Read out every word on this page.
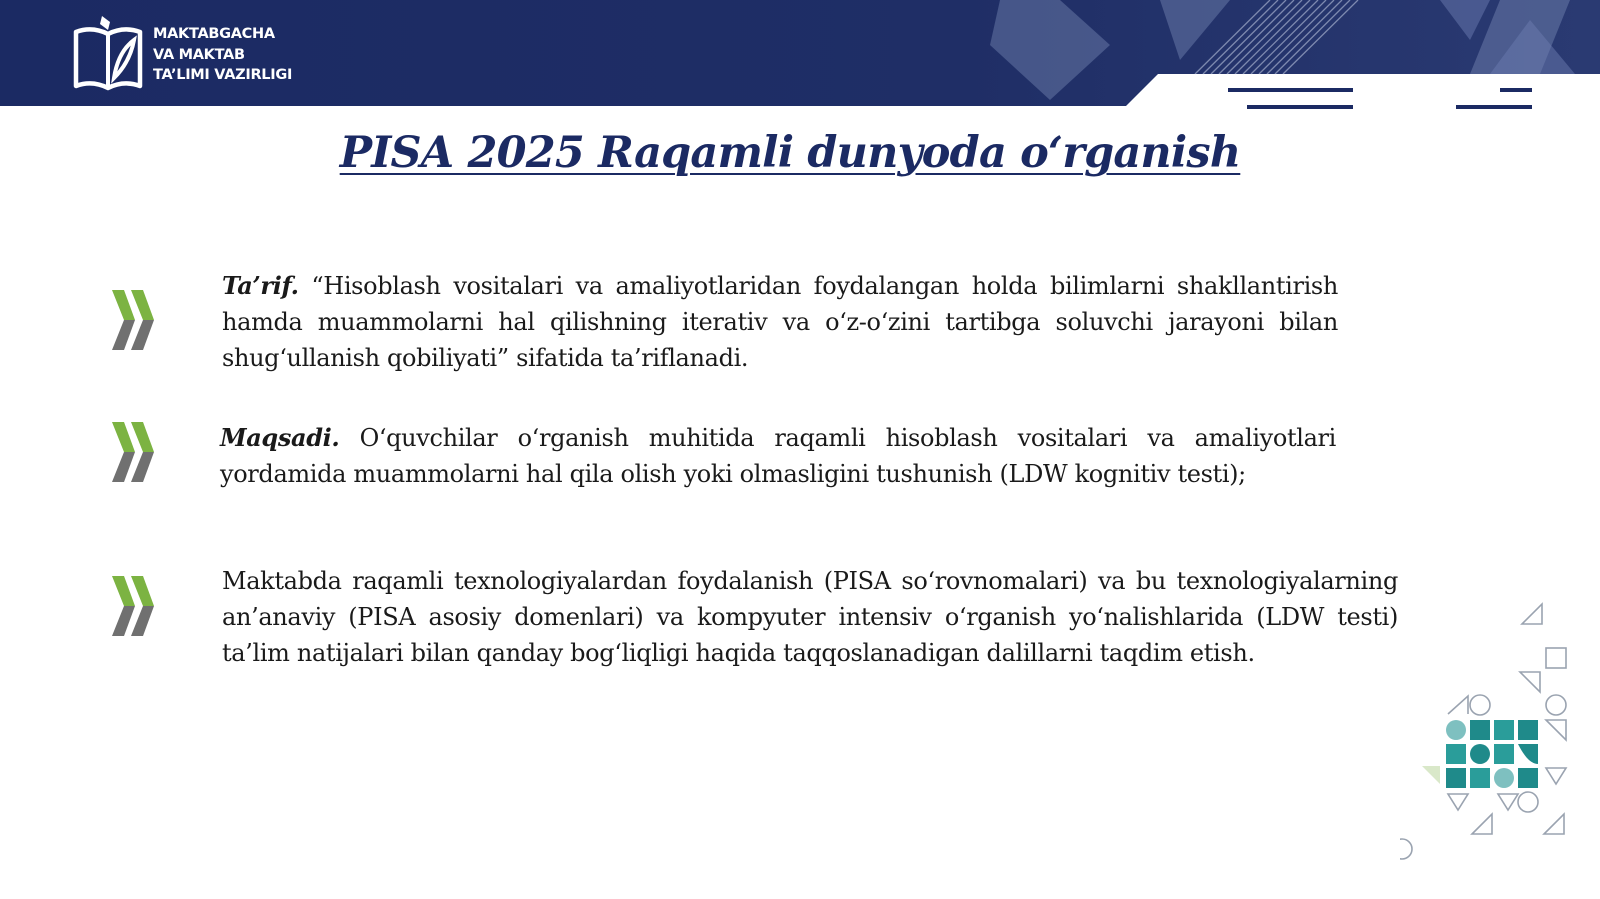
MAKTABGACHA
VA MAKTAB
TA’LIMI VAZIRLIGI
PISA 2025 Raqamli dunyoda oʻrganish
Ta’rif. “Hisoblash vositalari va amaliyotlaridan foydalangan holda bilimlarni shakllantirish hamda muammolarni hal qilishning iterativ va oʻz-oʻzini tartibga soluvchi jarayoni bilan shugʻullanish qobiliyati” sifatida ta’riflanadi.
Maqsadi. Oʻquvchilar oʻrganish muhitida raqamli hisoblash vositalari va amaliyotlari yordamida muammolarni hal qila olish yoki olmasligini tushunish (LDW kognitiv testi);
Maktabda raqamli texnologiyalardan foydalanish (PISA soʻrovnomalari) va bu texnologiyalarning an’anaviy (PISA asosiy domenlari) va kompyuter intensiv oʻrganish yoʻnalishlarida (LDW testi) ta’lim natijalari bilan qanday bogʻliqligi haqida taqqoslanadigan dalillarni taqdim etish.
